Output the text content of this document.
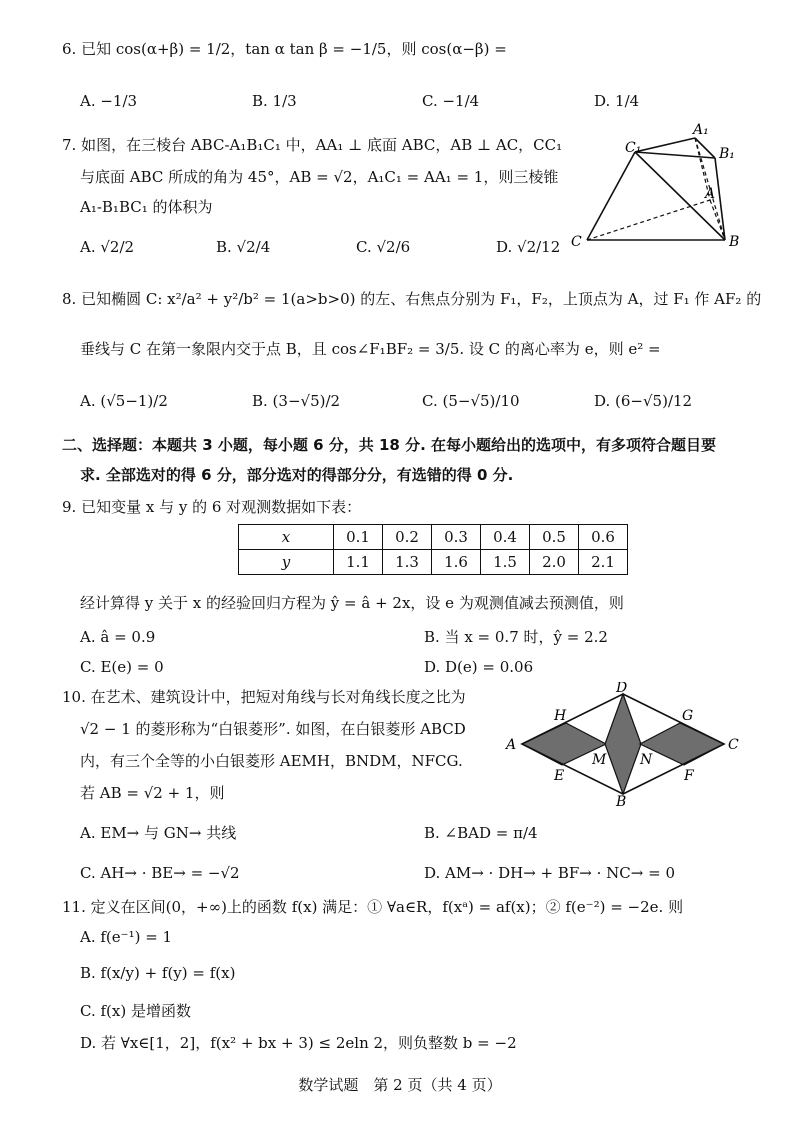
6. 已知 cos(α+β) = 1/2，tan α tan β = −1/5，则 cos(α−β) =
A. −1/3	B. 1/3	C. −1/4	D. 1/4
7. 如图，在三棱台 ABC-A₁B₁C₁ 中，AA₁ ⊥ 底面 ABC，AB ⊥ AC，CC₁
与底面 ABC 所成的角为 45°，AB = √2，A₁C₁ = AA₁ = 1，则三棱锥
A₁-B₁BC₁ 的体积为
A. √2/2	B. √2/4	C. √2/6	D. √2/12
A₁
C₁	B₁
A
C	B
8. 已知椭圆 C: x²/a² + y²/b² = 1(a>b>0) 的左、右焦点分别为 F₁，F₂，上顶点为 A，过 F₁ 作 AF₂ 的
垂线与 C 在第一象限内交于点 B，且 cos∠F₁BF₂ = 3/5. 设 C 的离心率为 e，则 e² =
A. (√5−1)/2	B. (3−√5)/2	C. (5−√5)/10	D. (6−√5)/12
二、选择题：本题共 3 小题，每小题 6 分，共 18 分. 在每小题给出的选项中，有多项符合题目要
求. 全部选对的得 6 分，部分选对的得部分分，有选错的得 0 分.
9. 已知变量 x 与 y 的 6 对观测数据如下表：
x	0.1	0.2	0.3	0.4	0.5	0.6
y	1.1	1.3	1.6	1.5	2.0	2.1
经计算得 y 关于 x 的经验回归方程为 ŷ = â + 2x，设 e 为观测值减去预测值，则
A. â = 0.9	B. 当 x = 0.7 时，ŷ = 2.2
C. E(e) = 0	D. D(e) = 0.06
10. 在艺术、建筑设计中，把短对角线与长对角线长度之比为
√2 − 1 的菱形称为“白银菱形”. 如图，在白银菱形 ABCD
内，有三个全等的小白银菱形 AEMH，BNDM，NFCG.
若 AB = √2 + 1，则
A. EM→ 与 GN→ 共线	B. ∠BAD = π/4
C. AH→ · BE→ = −√2	D. AM→ · DH→ + BF→ · NC→ = 0
D
H	G
A	C
M N
E	F
B
11. 定义在区间(0，+∞)上的函数 f(x) 满足：① ∀a∈R，f(xᵃ) = af(x)；② f(e⁻²) = −2e. 则
A. f(e⁻¹) = 1
B. f(x/y) + f(y) = f(x)
C. f(x) 是增函数
D. 若 ∀x∈[1，2]，f(x² + bx + 3) ≤ 2eln 2，则负整数 b = −2
数学试题　第 2 页（共 4 页）
